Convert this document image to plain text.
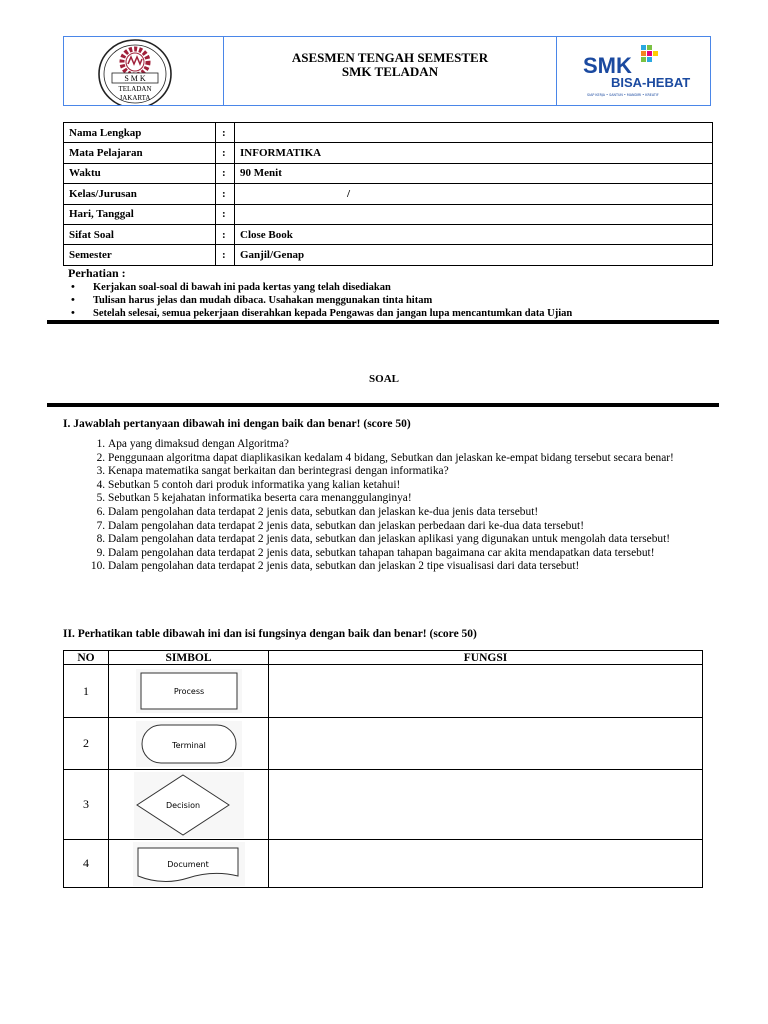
S M K
TELADAN
JAKARTA
ASESMEN TENGAH SEMESTER
SMK TELADAN	SMK
BISA-HEBAT
SIAP KERJA • SANTUN • MANDIRI • KREATIF
Nama Lengkap	:	
Mata Pelajaran	:	INFORMATIKA
Waktu	:	90 Menit
Kelas/Jurusan	:	/

Hari, Tanggal	:	
Sifat Soal	:	Close Book
Semester	:	Ganjil/Genap
Perhatian :
• Kerjakan soal-soal di bawah ini pada kertas yang telah disediakan
• Tulisan harus jelas dan mudah dibaca. Usahakan menggunakan tinta hitam
• Setelah selesai, semua pekerjaan diserahkan kepada Pengawas dan jangan lupa mencantumkan data Ujian
SOAL
I. Jawablah pertanyaan dibawah ini dengan baik dan benar! (score 50)
1. Apa yang dimaksud dengan Algoritma?
2. Penggunaan algoritma dapat diaplikasikan kedalam 4 bidang, Sebutkan dan jelaskan ke-empat bidang tersebut secara benar!
3. Kenapa matematika sangat berkaitan dan berintegrasi dengan informatika?
4. Sebutkan 5 contoh dari produk informatika yang kalian ketahui!
5. Sebutkan 5 kejahatan informatika beserta cara menanggulanginya!
6. Dalam pengolahan data terdapat 2 jenis data, sebutkan dan jelaskan ke-dua jenis data tersebut!
7. Dalam pengolahan data terdapat 2 jenis data, sebutkan dan jelaskan perbedaan dari ke-dua data tersebut!
8. Dalam pengolahan data terdapat 2 jenis data, sebutkan dan jelaskan aplikasi yang digunakan untuk mengolah data tersebut!
9. Dalam pengolahan data terdapat 2 jenis data, sebutkan tahapan tahapan bagaimana car akita mendapatkan data tersebut!
10. Dalam pengolahan data terdapat 2 jenis data, sebutkan dan jelaskan 2 tipe visualisasi dari data tersebut!
II. Perhatikan table dibawah ini dan isi fungsinya dengan baik dan benar! (score 50)
NO	SIMBOL	FUNGSI
1	Process	

2	Terminal	

3	Decision	

4	Document	
